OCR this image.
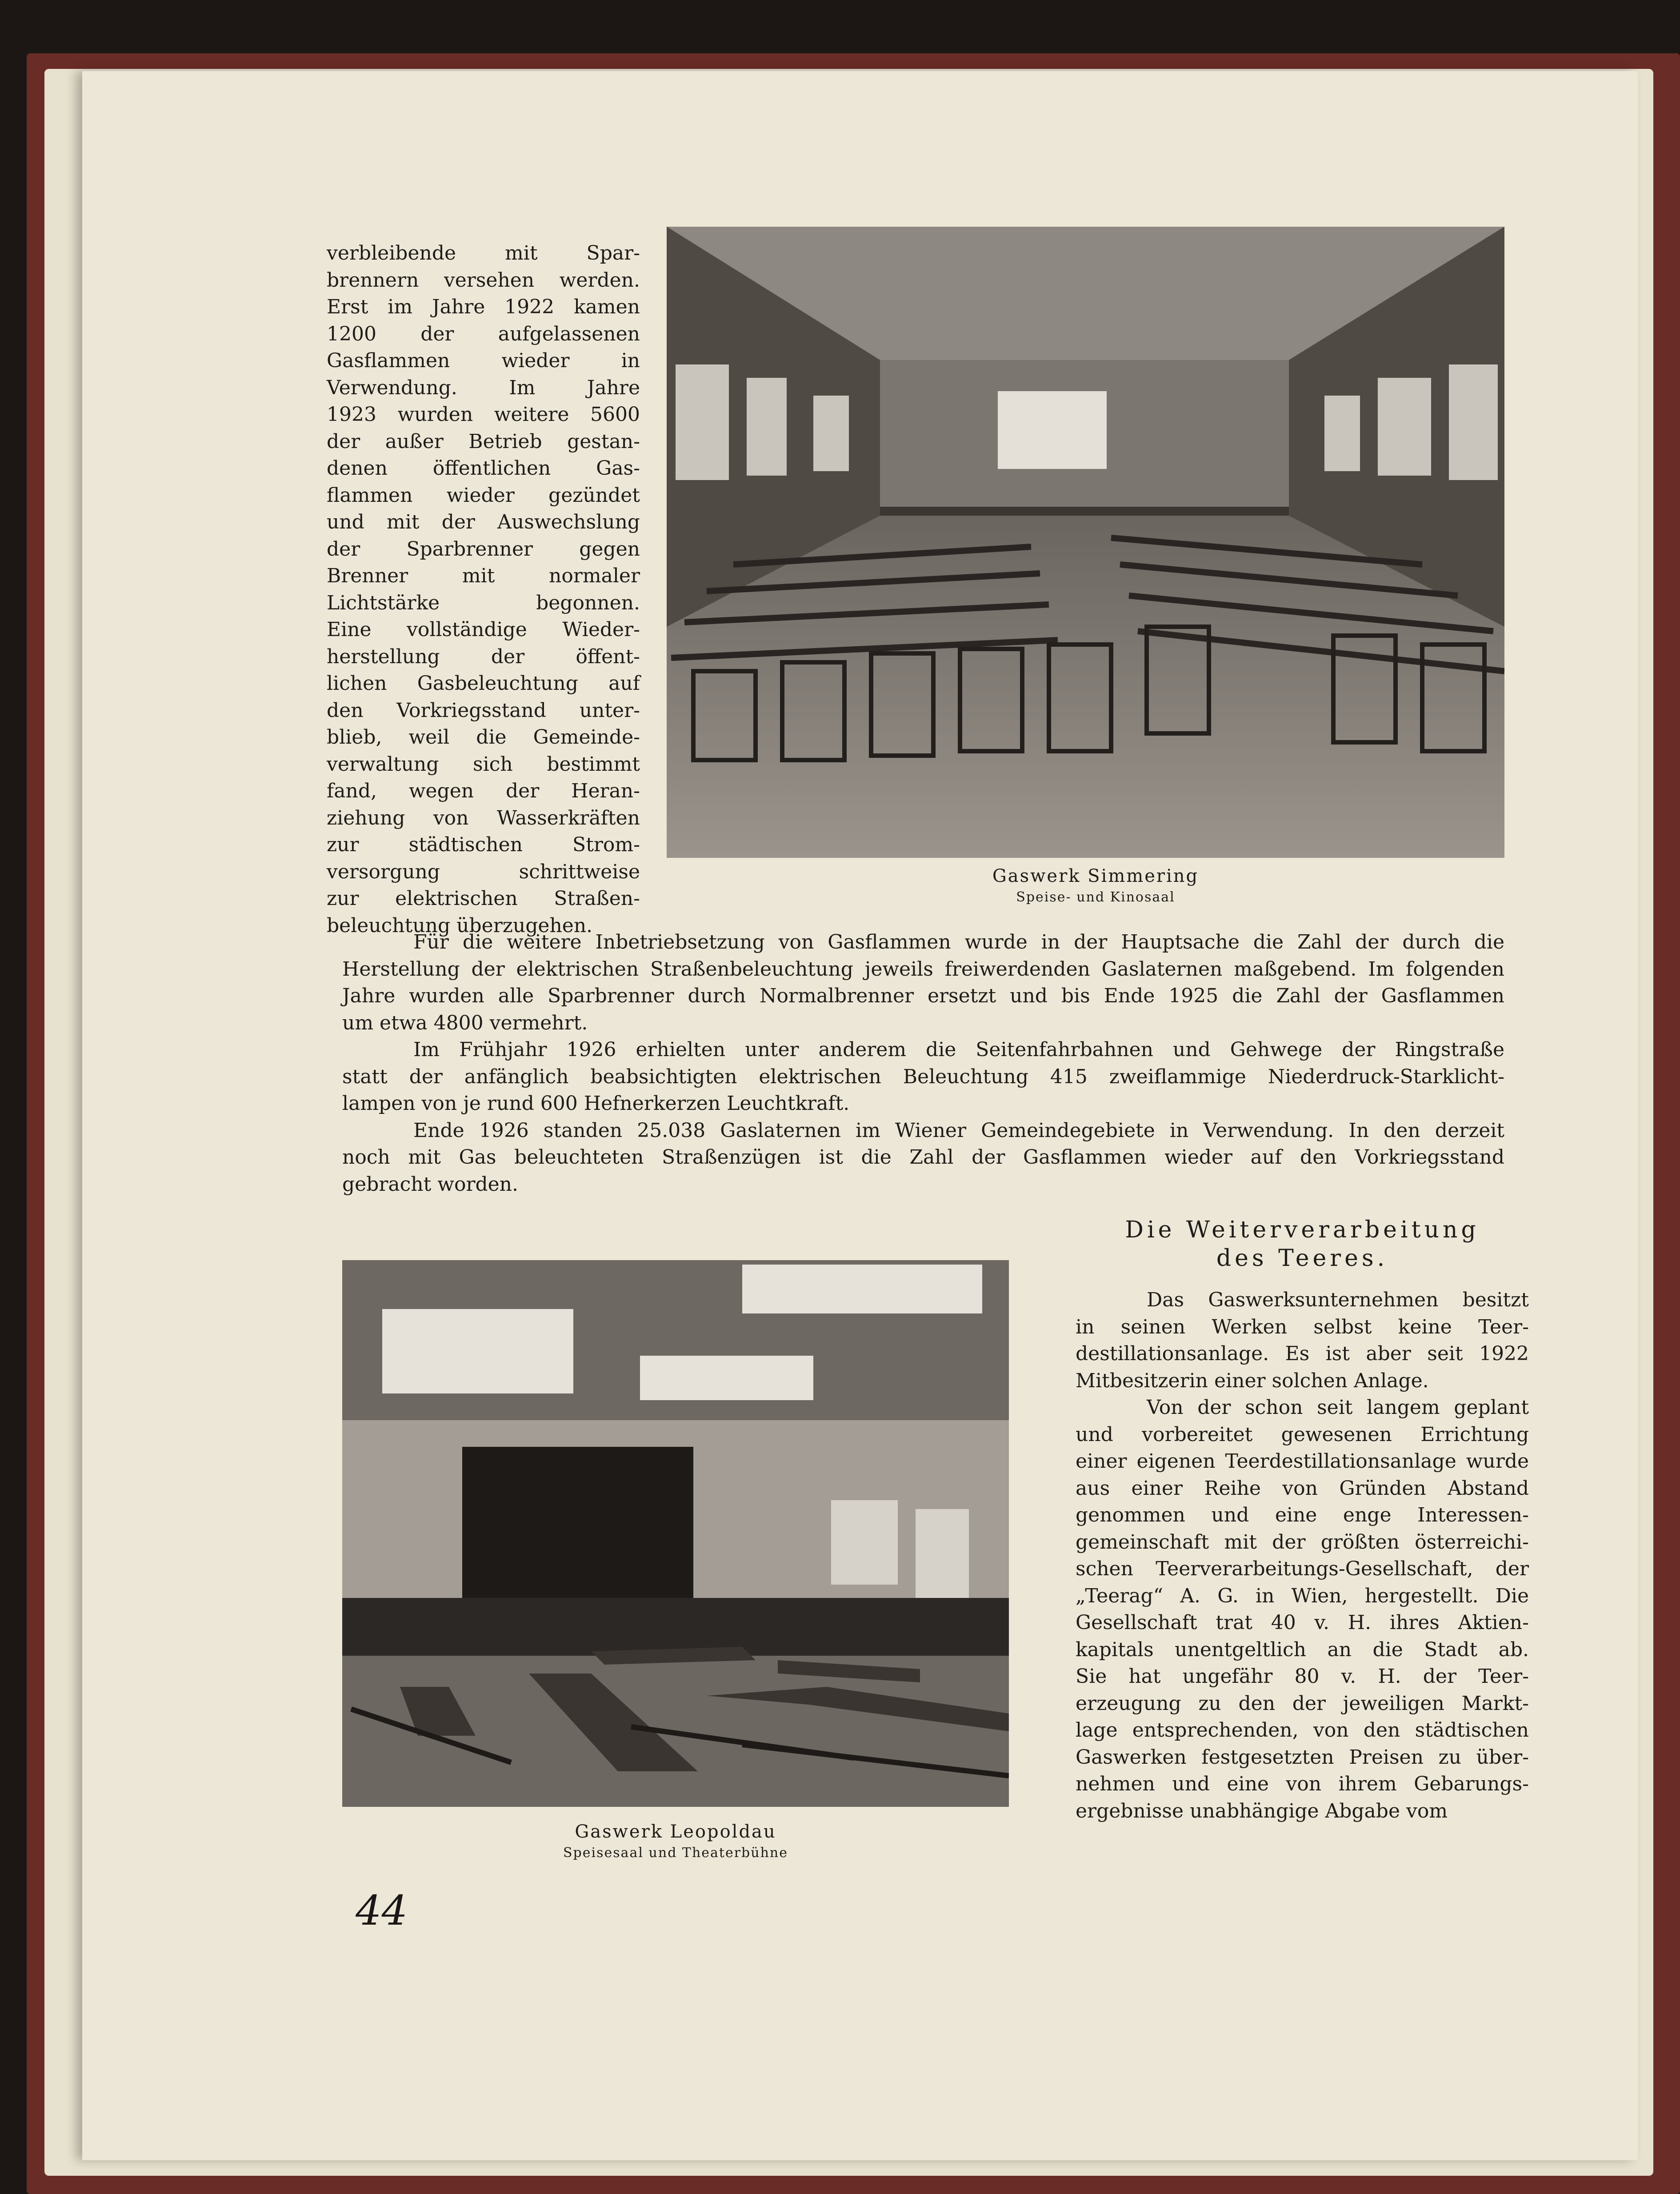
verbleibende mit Spar-
brennern versehen werden.
Erst im Jahre 1922 kamen
1200 der aufgelassenen
Gasflammen wieder in
Verwendung. Im Jahre
1923 wurden weitere 5600
der außer Betrieb gestan-
denen öffentlichen Gas-
flammen wieder gezündet
und mit der Auswechslung
der Sparbrenner gegen
Brenner mit normaler
Lichtstärke begonnen.
Eine vollständige Wieder-
herstellung der öffent-
lichen Gasbeleuchtung auf
den Vorkriegsstand unter-
blieb, weil die Gemeinde-
verwaltung sich bestimmt
fand, wegen der Heran-
ziehung von Wasserkräften
zur städtischen Strom-
versorgung schrittweise
zur elektrischen Straßen-
beleuchtung überzugehen.
Gaswerk Simmering
Speise- und Kinosaal
Für die weitere Inbetriebsetzung von Gasflammen wurde in der Hauptsache die Zahl der durch die
Herstellung der elektrischen Straßenbeleuchtung jeweils freiwerdenden Gaslaternen maßgebend. Im folgenden
Jahre wurden alle Sparbrenner durch Normalbrenner ersetzt und bis Ende 1925 die Zahl der Gasflammen
um etwa 4800 vermehrt.
Im Frühjahr 1926 erhielten unter anderem die Seitenfahrbahnen und Gehwege der Ringstraße
statt der anfänglich beabsichtigten elektrischen Beleuchtung 415 zweiflammige Niederdruck-Starklicht-
lampen von je rund 600 Hefnerkerzen Leuchtkraft.
Ende 1926 standen 25.038 Gaslaternen im Wiener Gemeindegebiete in Verwendung. In den derzeit
noch mit Gas beleuchteten Straßenzügen ist die Zahl der Gasflammen wieder auf den Vorkriegsstand
gebracht worden.
Gaswerk Leopoldau
Speisesaal und Theaterbühne
Die Weiterverarbeitung
des Teeres.
Das Gaswerksunternehmen besitzt
in seinen Werken selbst keine Teer-
destillationsanlage. Es ist aber seit 1922
Mitbesitzerin einer solchen Anlage.
Von der schon seit langem geplant
und vorbereitet gewesenen Errichtung
einer eigenen Teerdestillationsanlage wurde
aus einer Reihe von Gründen Abstand
genommen und eine enge Interessen-
gemeinschaft mit der größten österreichi-
schen Teerverarbeitungs-Gesellschaft, der
„Teerag“ A. G. in Wien, hergestellt. Die
Gesellschaft trat 40 v. H. ihres Aktien-
kapitals unentgeltlich an die Stadt ab.
Sie hat ungefähr 80 v. H. der Teer-
erzeugung zu den der jeweiligen Markt-
lage entsprechenden, von den städtischen
Gaswerken festgesetzten Preisen zu über-
nehmen und eine von ihrem Gebarungs-
ergebnisse unabhängige Abgabe vom
44
